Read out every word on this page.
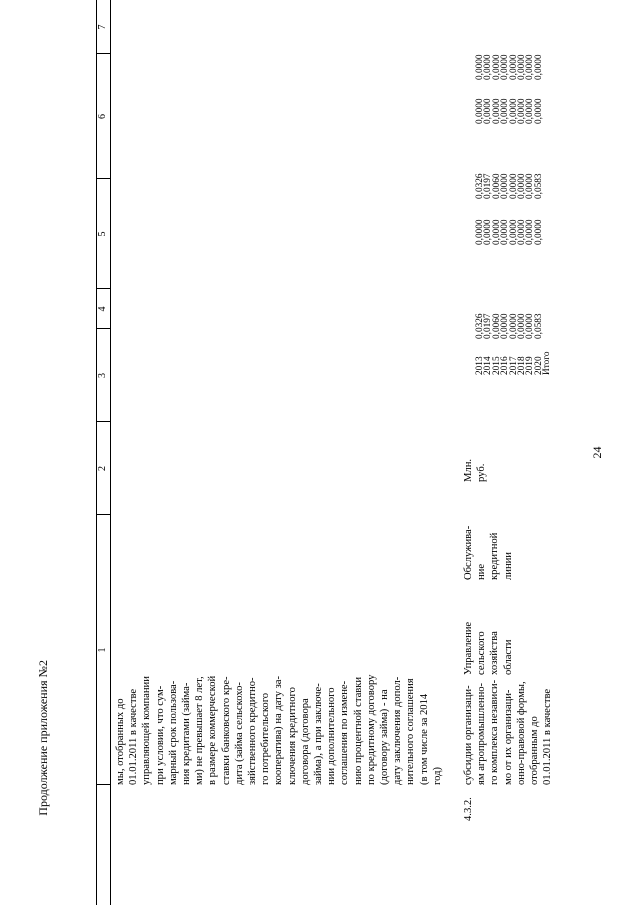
24
Продолжение приложения №2
1
2
3
4
5
6
7
мы, отобранных до 01.01.2011 в качестве управляющей компании при условии, что сум- марный срок пользова- ния кредитами (займа- ми) не превышает 8 лет, в размере коммерческой ставки банковского кре- дита (займа сельскохо- зяйственного кредитно- го потребительского кооператива) на дату за- ключения кредитного договора (договора займа), а при заключе- нии дополнительного соглашения по измене- нию процентной ставки по кредитному договору (договору займа) - на дату заключения допол- нительного соглашения (в том числе за 2014 год)
4.3.2.
субсидии организаци- ям агропромышленно- го комплекса независи- мо от их организаци- онно-правовой формы, отобранным до 01.01.2011 в качестве
Управление сельского хозяйства области
Обслужива- ние кредитной линии
Млн. руб.
2013
2014
2015
2016
2017
2018
2019
2020
Итого
0,0326
0,0197
0,0060
0,0000
0,0000
0,0000
0,0000
0,0583
0,0000
0,0000
0,0000
0,0000
0,0000
0,0000
0,0000
0,0000
0,0326
0,0197
0,0060
0,0000
0,0000
0,0000
0,0000
0,0583
0,0000
0,0000
0,0000
0,0000
0,0000
0,0000
0,0000
0,0000
0,0000
0,0000
0,0000
0,0000
0,0000
0,0000
0,0000
0,0000
